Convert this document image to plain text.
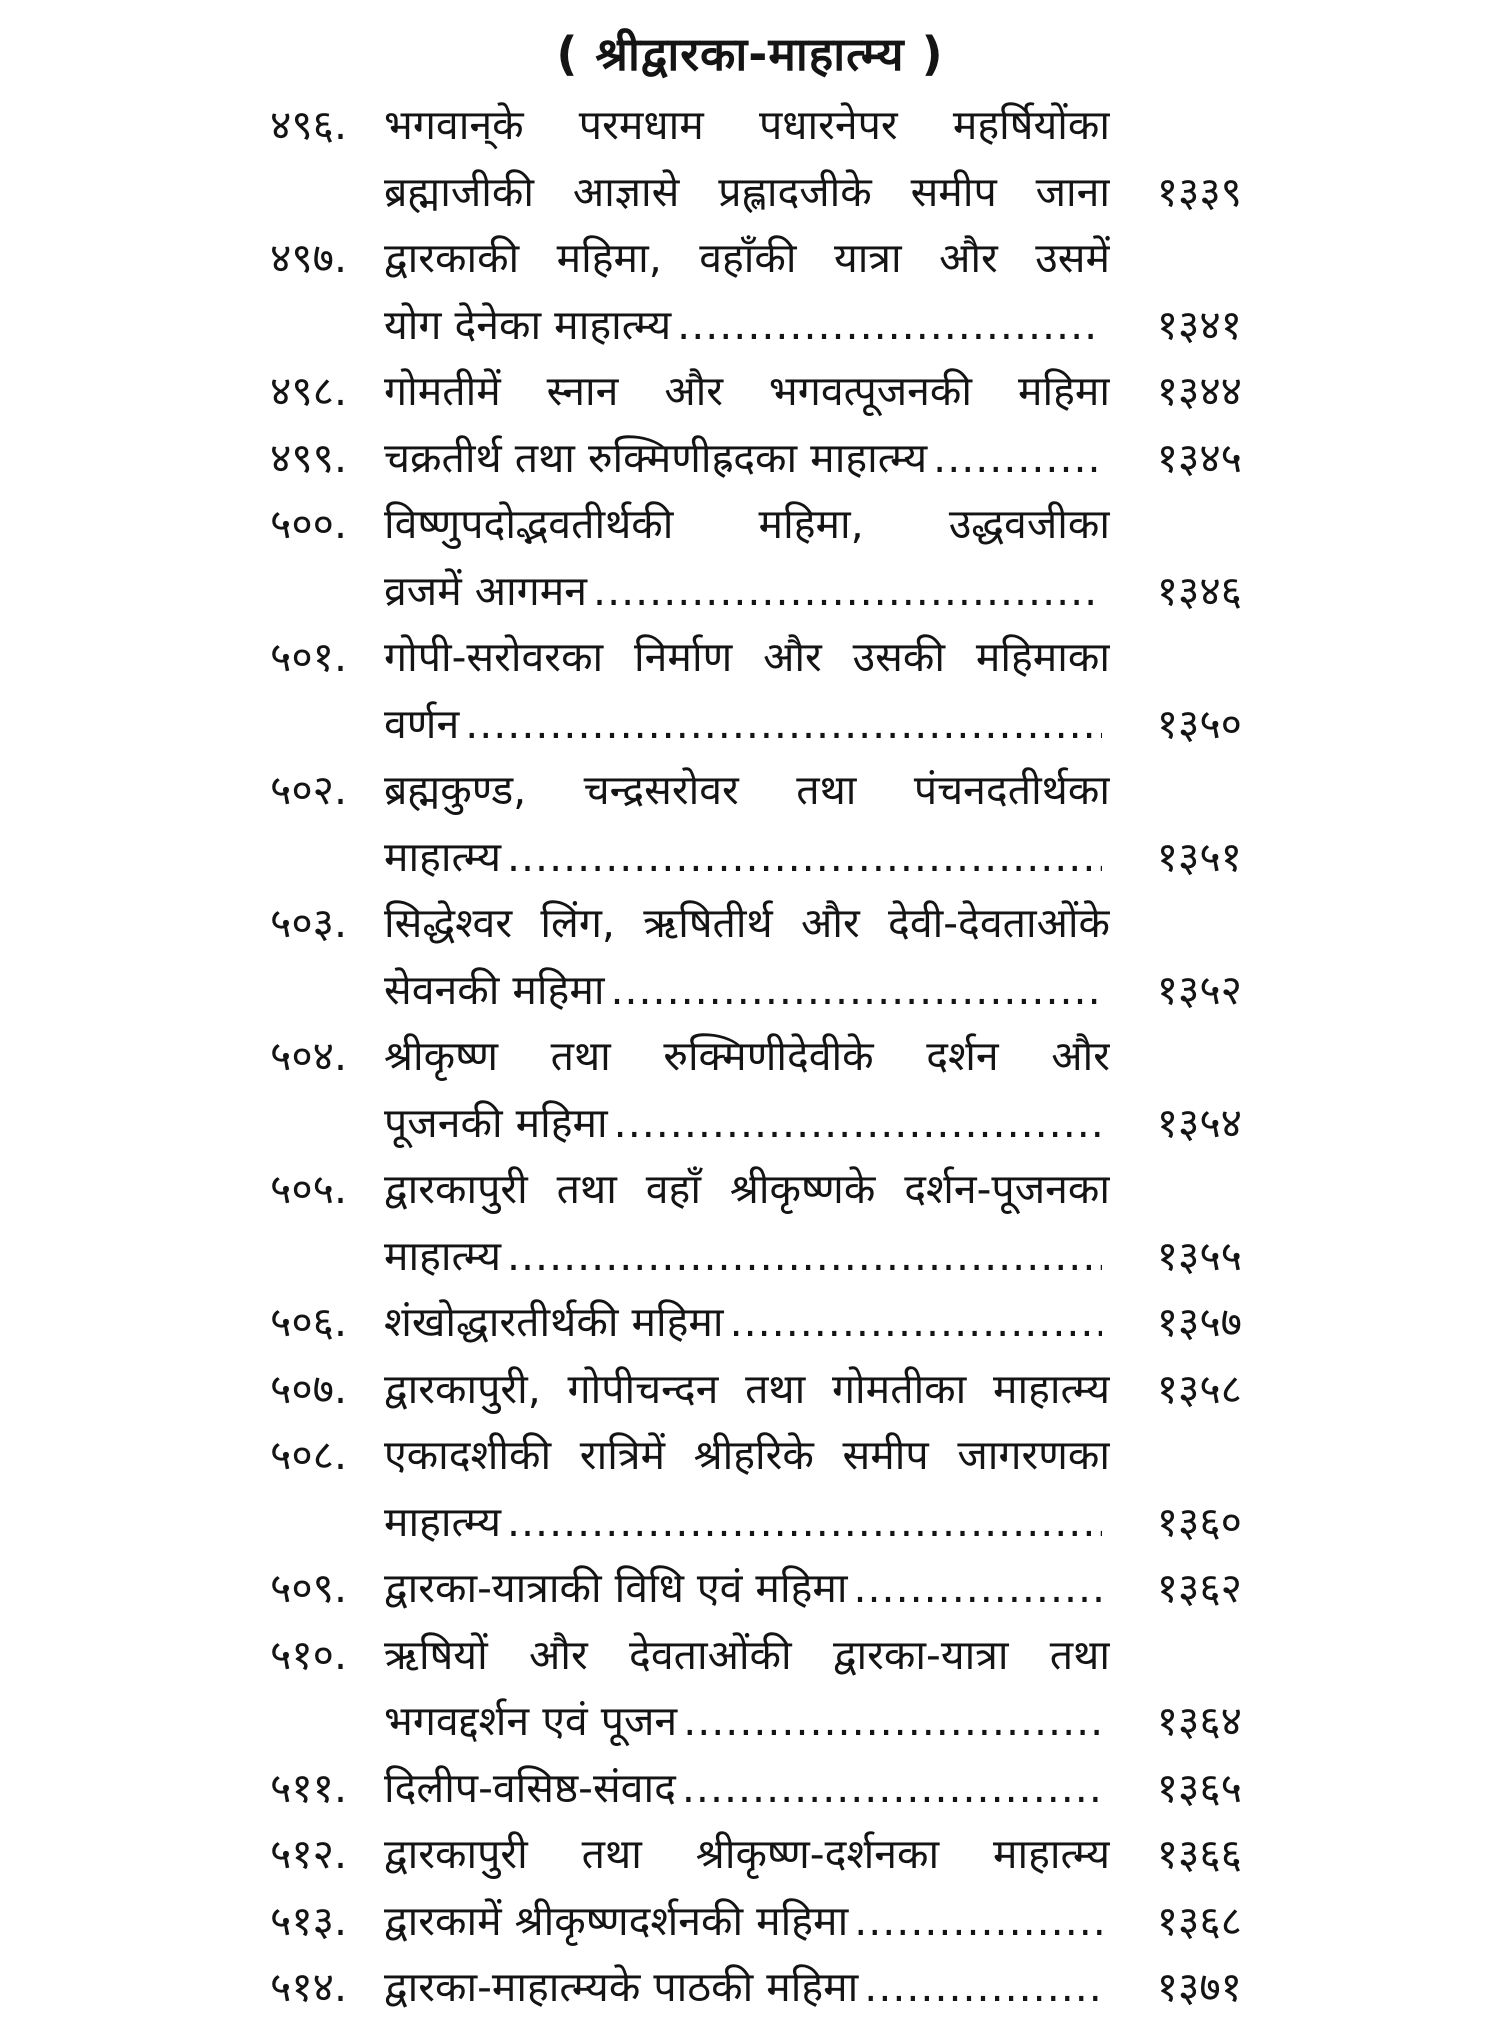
( श्रीद्वारका-माहात्म्य )
४९६. भगवान्‌के परमधाम पधारनेपर महर्षियोंका
ब्रह्माजीकी आज्ञासे प्रह्लादजीके समीप जाना	१३३९
४९७. द्वारकाकी महिमा, वहाँकी यात्रा और उसमें
योग देनेका माहात्म्य .....	१३४१
४९८. गोमतीमें स्नान और भगवत्पूजनकी महिमा	१३४४
४९९. चक्रतीर्थ तथा रुक्मिणीह्रदका माहात्म्य .....	१३४५
५००. विष्णुपदोद्भवतीर्थकी महिमा, उद्धवजीका
व्रजमें आगमन .....	१३४६
५०१. गोपी-सरोवरका निर्माण और उसकी महिमाका
वर्णन .....	१३५०
५०२. ब्रह्मकुण्ड, चन्द्रसरोवर तथा पंचनदतीर्थका
माहात्म्य .....	१३५१
५०३. सिद्धेश्वर लिंग, ऋषितीर्थ और देवी-देवताओंके
सेवनकी महिमा .....	१३५२
५०४. श्रीकृष्ण तथा रुक्मिणीदेवीके दर्शन और
पूजनकी महिमा .....	१३५४
५०५. द्वारकापुरी तथा वहाँ श्रीकृष्णके दर्शन-पूजनका
माहात्म्य .....	१३५५
५०६. शंखोद्धारतीर्थकी महिमा .....	१३५७
५०७. द्वारकापुरी, गोपीचन्दन तथा गोमतीका माहात्म्य	१३५८
५०८. एकादशीकी रात्रिमें श्रीहरिके समीप जागरणका
माहात्म्य .....	१३६०
५०९. द्वारका-यात्राकी विधि एवं महिमा .....	१३६२
५१०. ऋषियों और देवताओंकी द्वारका-यात्रा तथा
भगवद्दर्शन एवं पूजन .....	१३६४
५११. दिलीप-वसिष्ठ-संवाद .....	१३६५
५१२. द्वारकापुरी तथा श्रीकृष्ण-दर्शनका माहात्म्य	१३६६
५१३. द्वारकामें श्रीकृष्णदर्शनकी महिमा .....	१३६८
५१४. द्वारका-माहात्म्यके पाठकी महिमा .....	१३७१
